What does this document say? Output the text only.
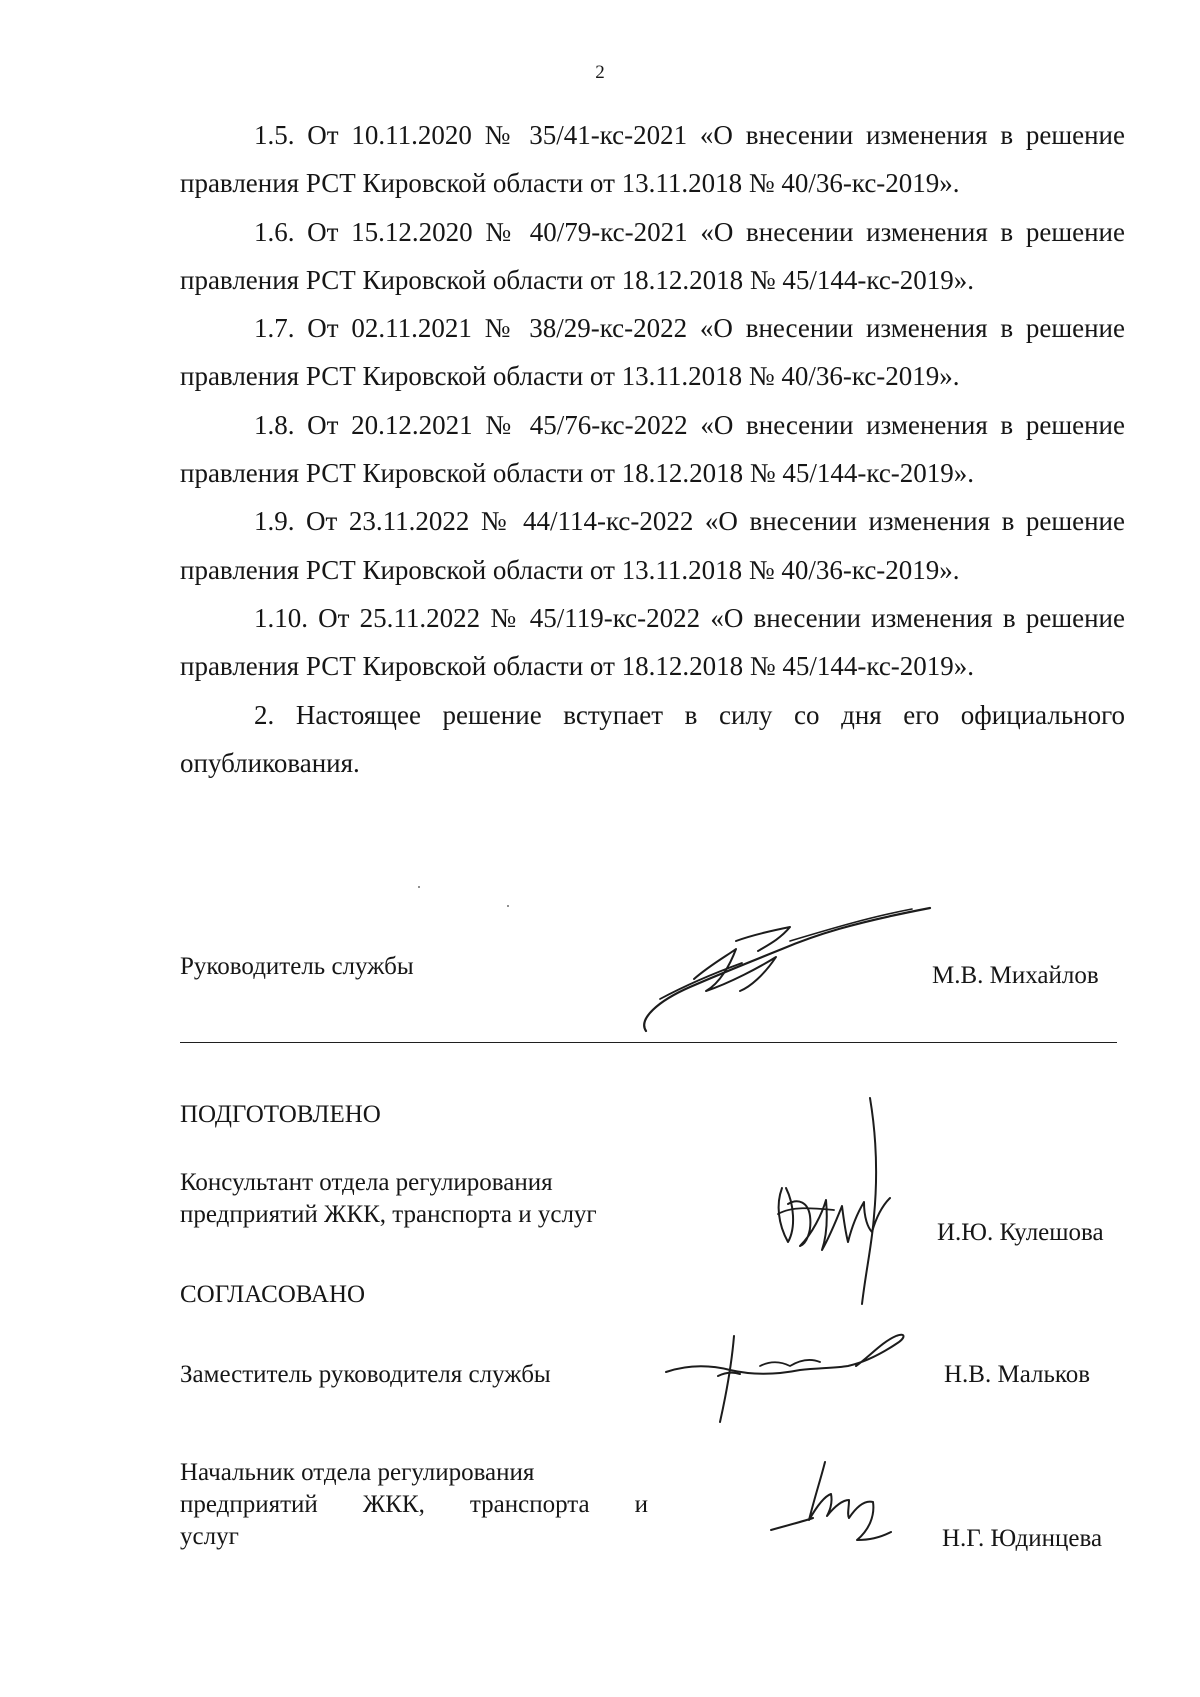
2

1.5. От 10.11.2020 № 35/41-кс-2021 «О внесении изменения в решение правления РСТ Кировской области от 13.11.2018 № 40/36-кс-2019».

1.6. От 15.12.2020 № 40/79-кс-2021 «О внесении изменения в решение правления РСТ Кировской области от 18.12.2018 № 45/144-кс-2019».

1.7. От 02.11.2021 № 38/29-кс-2022 «О внесении изменения в решение правления РСТ Кировской области от 13.11.2018 № 40/36-кс-2019».

1.8. От 20.12.2021 № 45/76-кс-2022 «О внесении изменения в решение правления РСТ Кировской области от 18.12.2018 № 45/144-кс-2019».

1.9. От 23.11.2022 № 44/114-кс-2022 «О внесении изменения в решение правления РСТ Кировской области от 13.11.2018 № 40/36-кс-2019».

1.10. От 25.11.2022 № 45/119-кс-2022 «О внесении изменения в решение правления РСТ Кировской области от 18.12.2018 № 45/144-кс-2019».

2. Настоящее решение вступает в силу со дня его официального опубликования.

Руководитель службы	М.В. Михайлов
ПОДГОТОВЛЕНО
Консультант отдела регулирования
предприятий ЖКК, транспорта и услуг
И.Ю. Кулешова
СОГЛАСОВАНО
Заместитель руководителя службы	Н.В. Мальков
Начальник отдела регулирования
предприятий ЖКК, транспорта и
услуг	Н.Г. Юдинцева
